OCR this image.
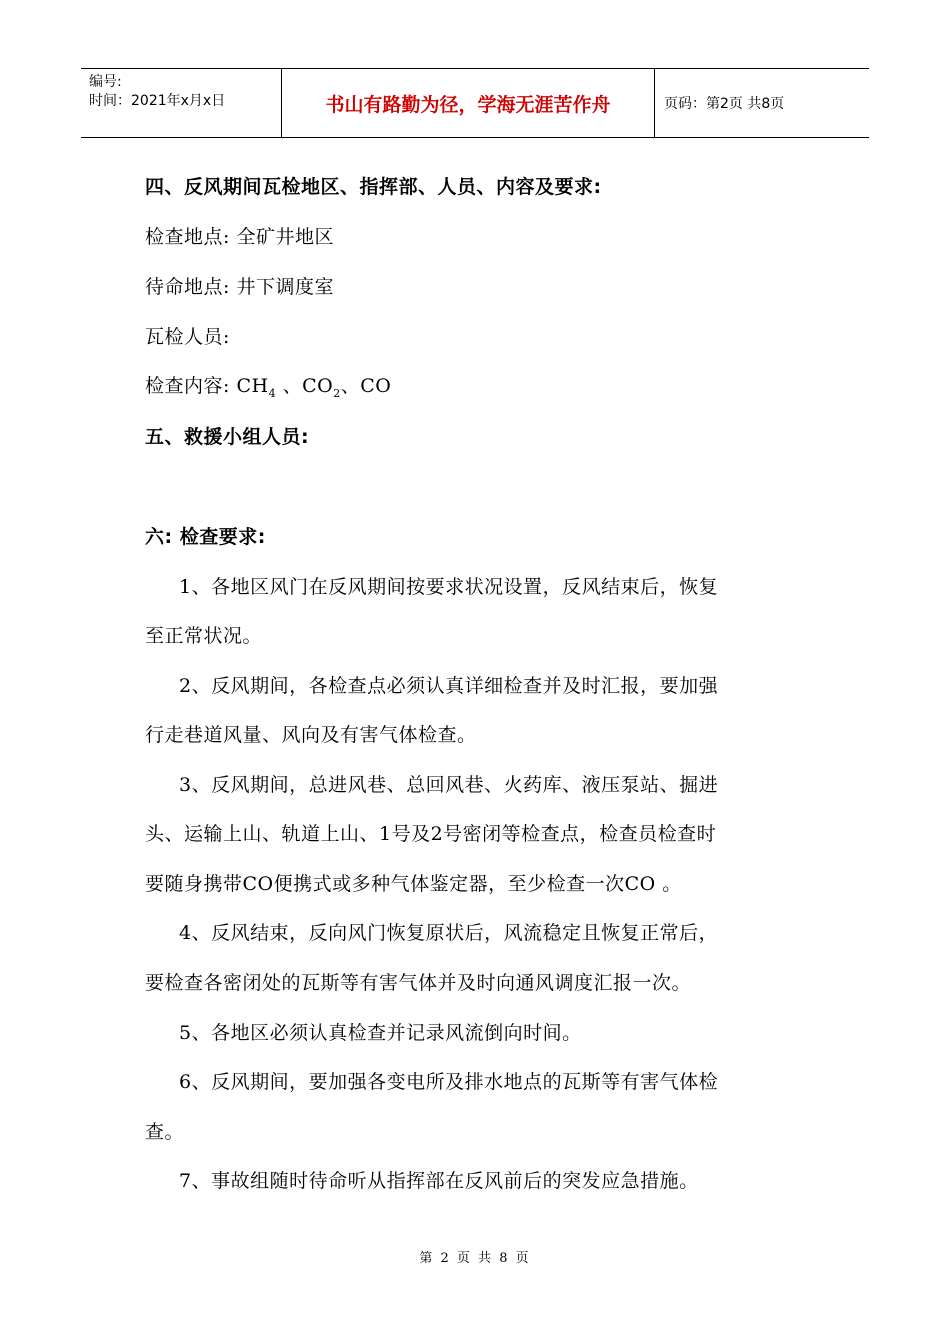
编号:
时间：2021年x月x日	书山有路勤为径，学海无涯苦作舟	页码：第2页 共8页
四、反风期间瓦检地区、指挥部、人员、内容及要求:
检查地点: 全矿井地区
待命地点: 井下调度室
瓦检人员:
检查内容: $CH_4$ 、$CO_2$、CO
五、救援小组人员:
六: 检查要求:
1、各地区风门在反风期间按要求状况设置，反风结束后，恢复
至正常状况。
2、反风期间，各检查点必须认真详细检查并及时汇报，要加强
行走巷道风量、风向及有害气体检查。
3、反风期间，总进风巷、总回风巷、火药库、液压泵站、掘进
头、运输上山、轨道上山、1号及2号密闭等检查点，检查员检查时
要随身携带CO便携式或多种气体鉴定器，至少检查一次CO 。
4、反风结束，反向风门恢复原状后，风流稳定且恢复正常后，
要检查各密闭处的瓦斯等有害气体并及时向通风调度汇报一次。
5、各地区必须认真检查并记录风流倒向时间。
6、反风期间，要加强各变电所及排水地点的瓦斯等有害气体检
查。
7、事故组随时待命听从指挥部在反风前后的突发应急措施。
第 2 页 共 8 页
